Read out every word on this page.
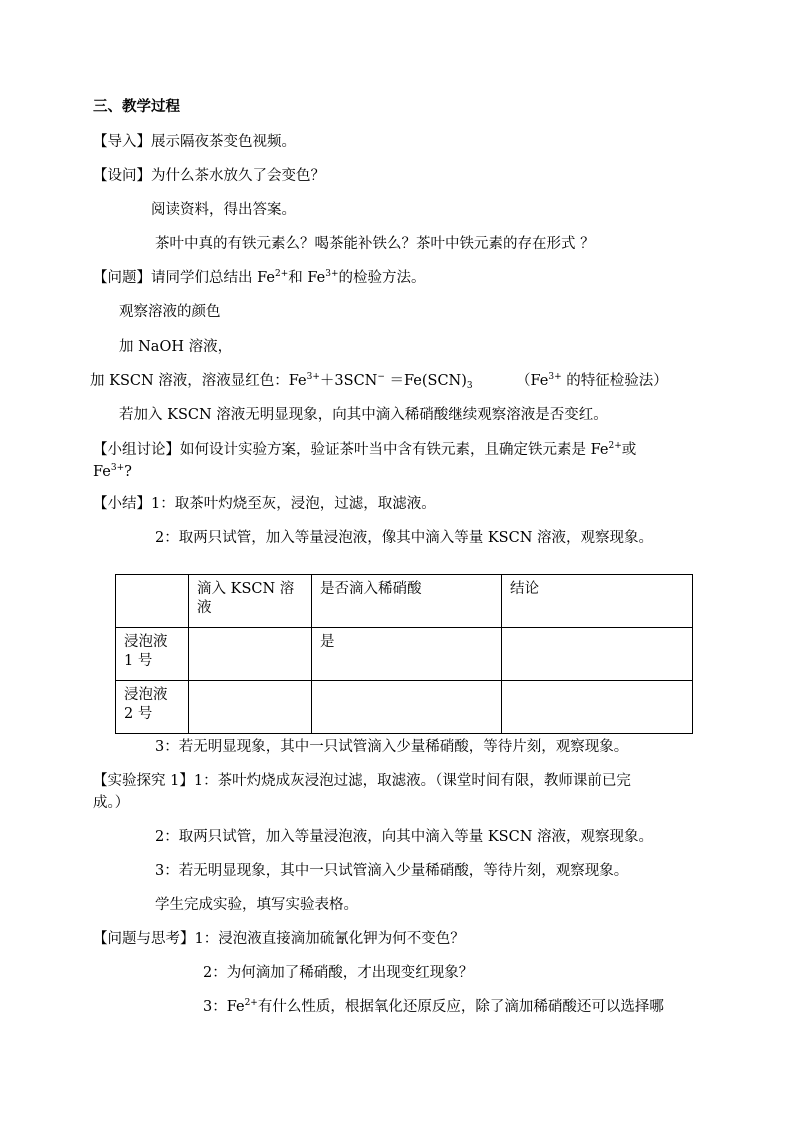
三、教学过程
【导入】展示隔夜茶变色视频。
【设问】为什么茶水放久了会变色？
阅读资料，得出答案。
茶叶中真的有铁元素么？喝茶能补铁么？茶叶中铁元素的存在形式 ？
【问题】请同学们总结出 $Fe^{2+}$和 $Fe^{3+}$的检验方法。
观察溶液的颜色
加 NaOH 溶液，
加 KSCN 溶液，溶液显红色：$Fe^{3+}+3SCN^- =Fe(SCN)_3$	（$Fe^{3+}$ 的特征检验法）
若加入 KSCN 溶液无明显现象，向其中滴入稀硝酸继续观察溶液是否变红。
【小组讨论】如何设计实验方案，验证茶叶当中含有铁元素，且确定铁元素是 $Fe^{2+}$或
$Fe^{3+}$?
【小结】1：取茶叶灼烧至灰，浸泡，过滤，取滤液。
2：取两只试管，加入等量浸泡液，像其中滴入等量 KSCN 溶液，观察现象。
	滴入 KSCN 溶液	是否滴入稀硝酸	结论
浸泡液 1 号		是	
浸泡液 2 号			
3：若无明显现象，其中一只试管滴入少量稀硝酸，等待片刻，观察现象。
【实验探究 1】1：茶叶灼烧成灰浸泡过滤，取滤液。（课堂时间有限，教师课前已完
成。）
2：取两只试管，加入等量浸泡液，向其中滴入等量 KSCN 溶液，观察现象。
3：若无明显现象，其中一只试管滴入少量稀硝酸，等待片刻，观察现象。
学生完成实验，填写实验表格。
【问题与思考】1：浸泡液直接滴加硫氰化钾为何不变色？
2：为何滴加了稀硝酸，才出现变红现象？
3：$Fe^{2+}$有什么性质，根据氧化还原反应，除了滴加稀硝酸还可以选择哪
